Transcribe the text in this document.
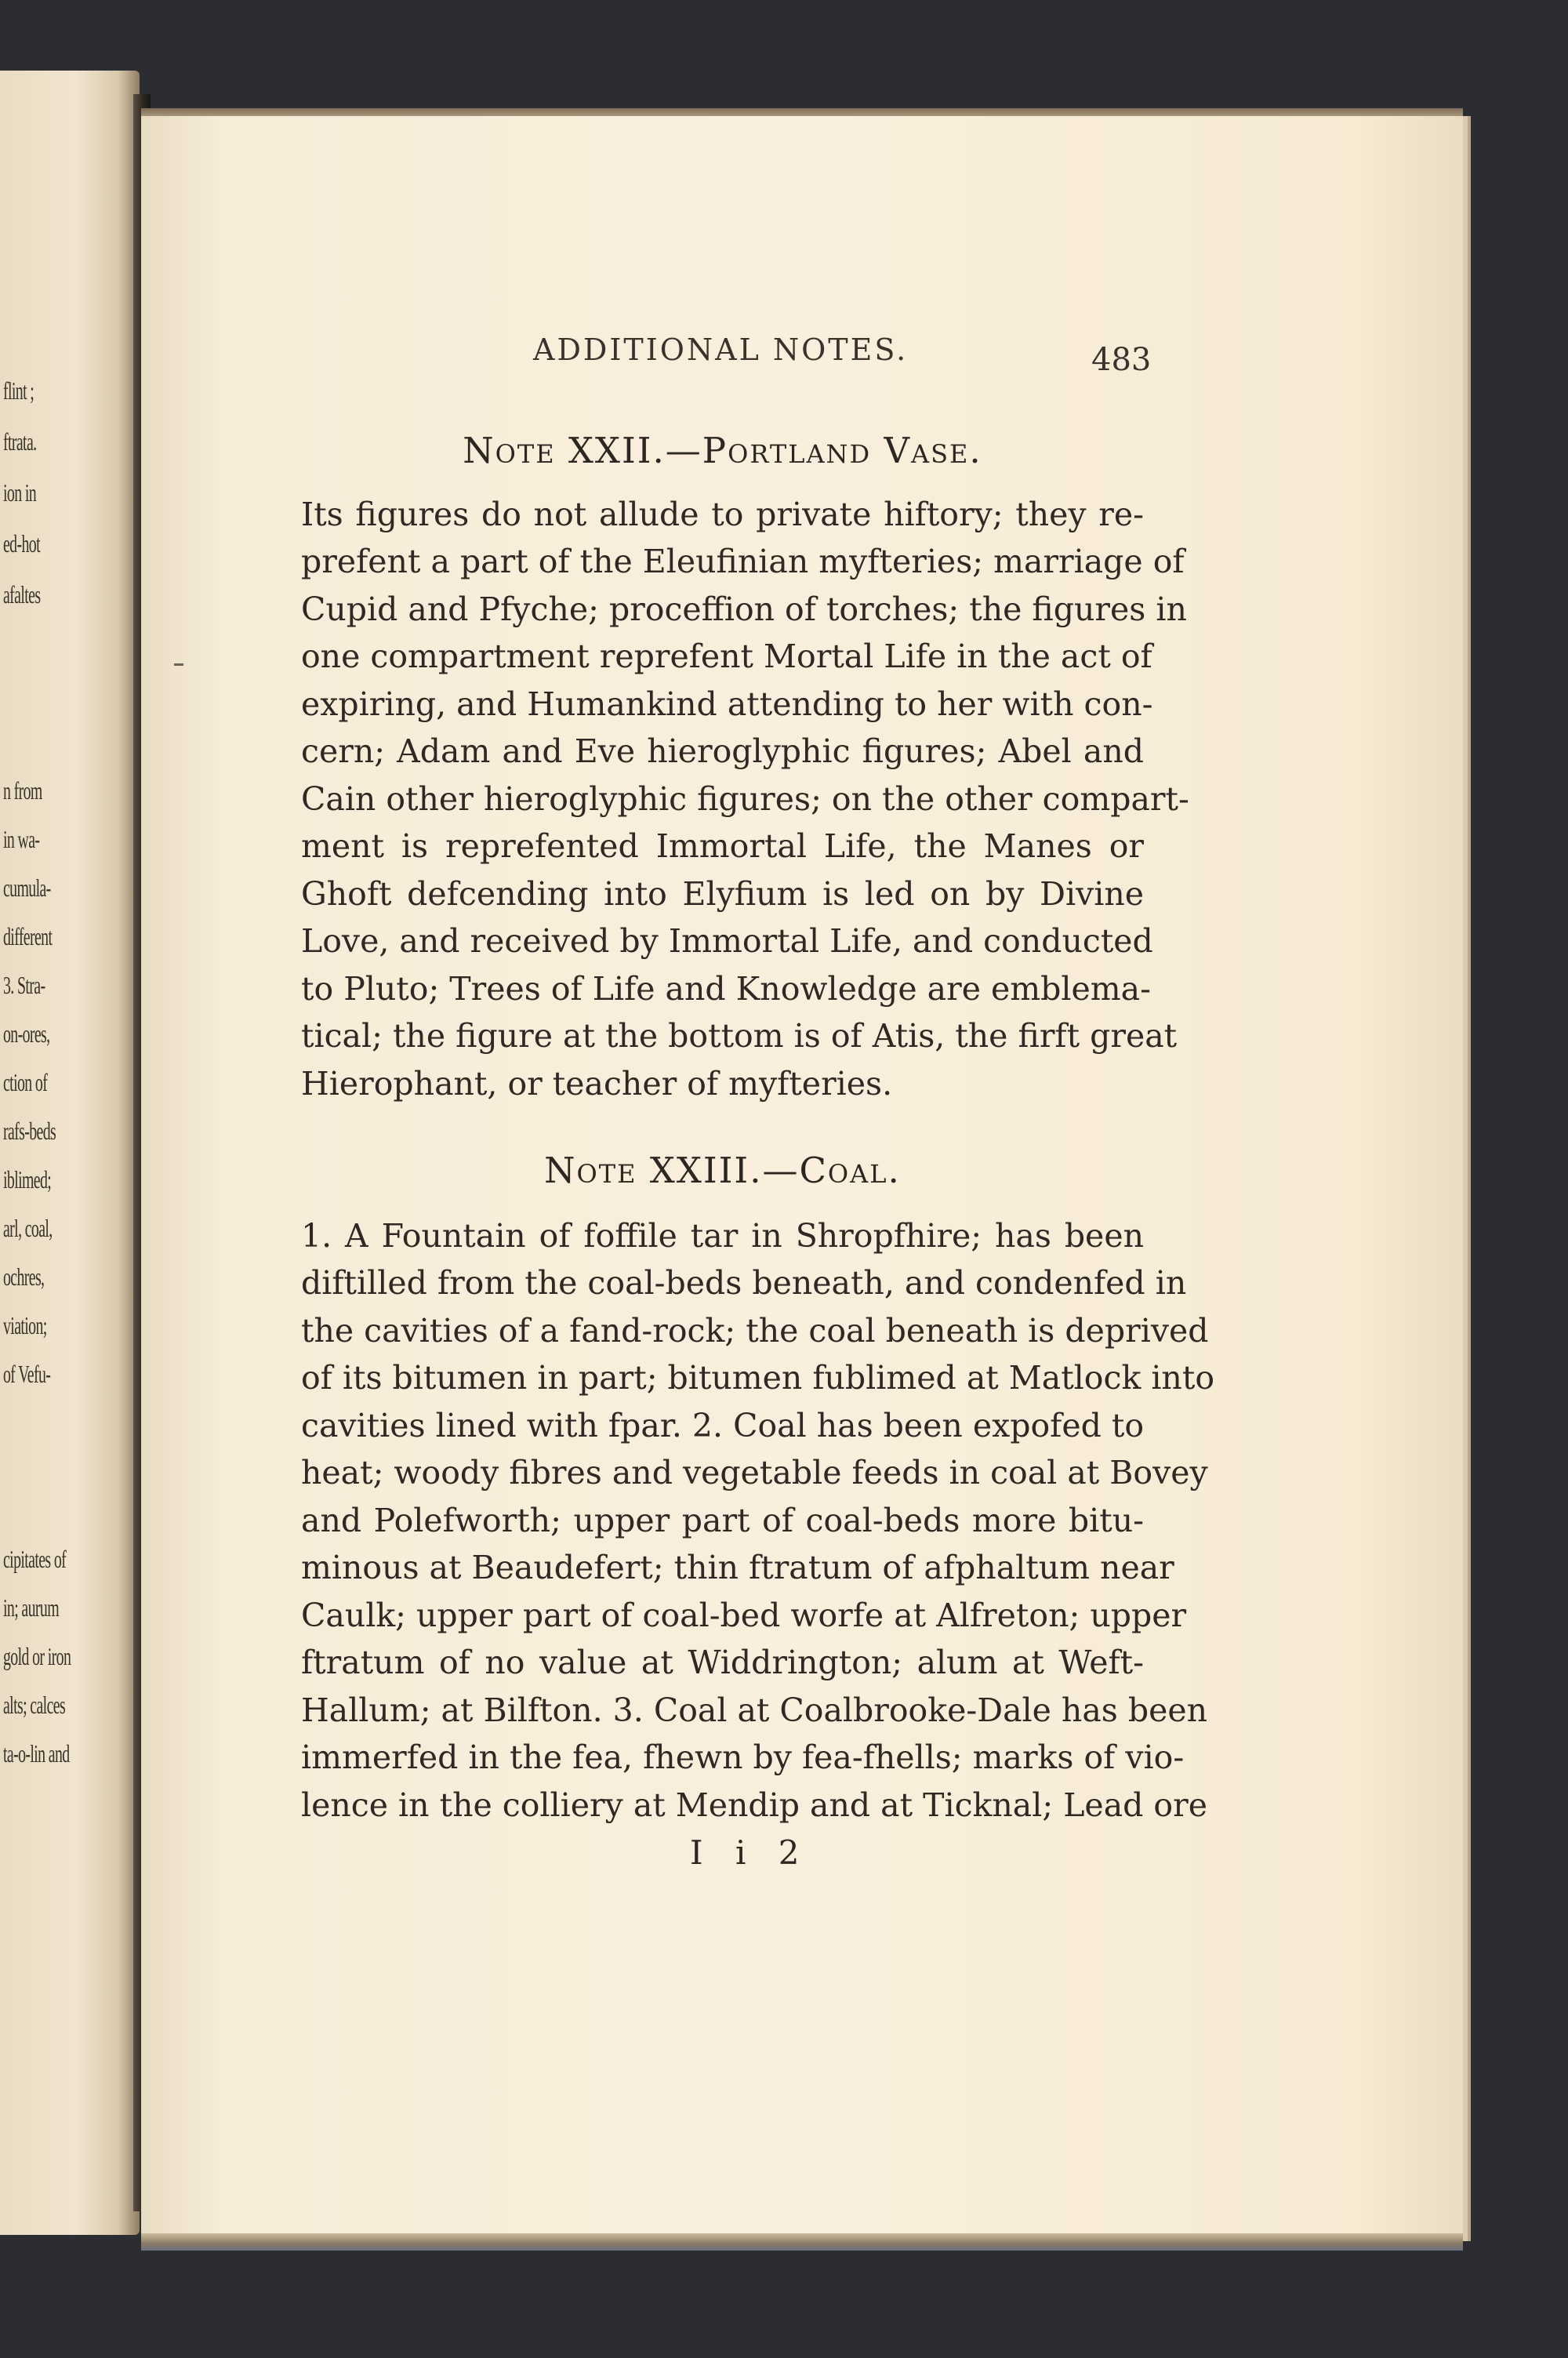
flint ;
ftrata.
ion in
ed-hot
afaltes
n from
in wa-
cumula-
different
3. Stra-
on-ores,
ction of
rafs-beds
iblimed;
arl, coal,
ochres,
viation;
of Vefu-
cipitates of
in; aurum
gold or iron
alts; calces
ta-o-lin and
ADDITIONAL NOTES.	483
Note XXII.—Portland Vase.
Its figures do not allude to private hiftory; they re-
prefent a part of the Eleufinian myfteries; marriage of
Cupid and Pfyche; proceffion of torches; the figures in
one compartment reprefent Mortal Life in the act of
expiring, and Humankind attending to her with con-
cern; Adam and Eve hieroglyphic figures; Abel and
Cain other hieroglyphic figures; on the other compart-
ment is reprefented Immortal Life, the Manes or
Ghoft defcending into Elyfium is led on by Divine
Love, and received by Immortal Life, and conducted
to Pluto; Trees of Life and Knowledge are emblema-
tical; the figure at the bottom is of Atis, the firft great
Hierophant, or teacher of myfteries.
Note XXIII.—Coal.
1. A Fountain of foffile tar in Shropfhire; has been
diftilled from the coal-beds beneath, and condenfed in
the cavities of a fand-rock; the coal beneath is deprived
of its bitumen in part; bitumen fublimed at Matlock into
cavities lined with fpar. 2. Coal has been expofed to
heat; woody fibres and vegetable feeds in coal at Bovey
and Polefworth; upper part of coal-beds more bitu-
minous at Beaudefert; thin ftratum of afphaltum near
Caulk; upper part of coal-bed worfe at Alfreton; upper
ftratum of no value at Widdrington; alum at Weft-
Hallum; at Bilfton. 3. Coal at Coalbrooke-Dale has been
immerfed in the fea, fhewn by fea-fhells; marks of vio-
lence in the colliery at Mendip and at Ticknal; Lead ore
I i 2
